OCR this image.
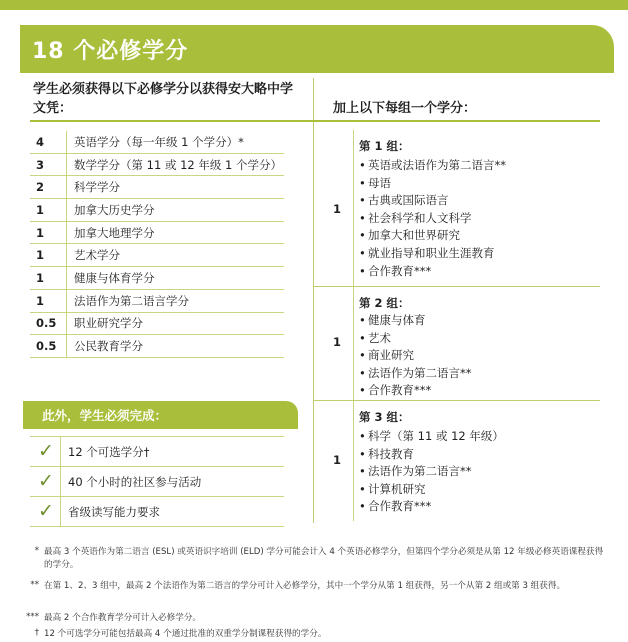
18 个必修学分
学生必须获得以下必修学分以获得安大略中学文凭：	加上以下每组一个学分：
4	英语学分（每一年级 1 个学分）*
3	数学学分（第 11 或 12 年级 1 个学分）
2	科学学分
1	加拿大历史学分
1	加拿大地理学分
1	艺术学分
1	健康与体育学分
1	法语作为第二语言学分
0.5	职业研究学分
0.5	公民教育学分
此外，学生必须完成：
✓ 12 个可选学分†
✓ 40 个小时的社区参与活动
✓ 省级读写能力要求
1
第 1 组：
• 英语或法语作为第二语言**
• 母语
• 古典或国际语言
• 社会科学和人文科学
• 加拿大和世界研究
• 就业指导和职业生涯教育
• 合作教育***
1
第 2 组：
• 健康与体育
• 艺术
• 商业研究
• 法语作为第二语言**
• 合作教育***
1
第 3 组：
• 科学（第 11 或 12 年级）
• 科技教育
• 法语作为第二语言**
• 计算机研究
• 合作教育***
* 最高 3 个英语作为第二语言 (ESL) 或英语识字培训 (ELD) 学分可能会计入 4 个英语必修学分，但第四个学分必须是从第 12 年级必修英语课程获得的学分。
** 在第 1、2、3 组中，最高 2 个法语作为第二语言的学分可计入必修学分，其中一个学分从第 1 组获得，另一个从第 2 组或第 3 组获得。
*** 最高 2 个合作教育学分可计入必修学分。
† 12 个可选学分可能包括最高 4 个通过批准的双重学分制课程获得的学分。
